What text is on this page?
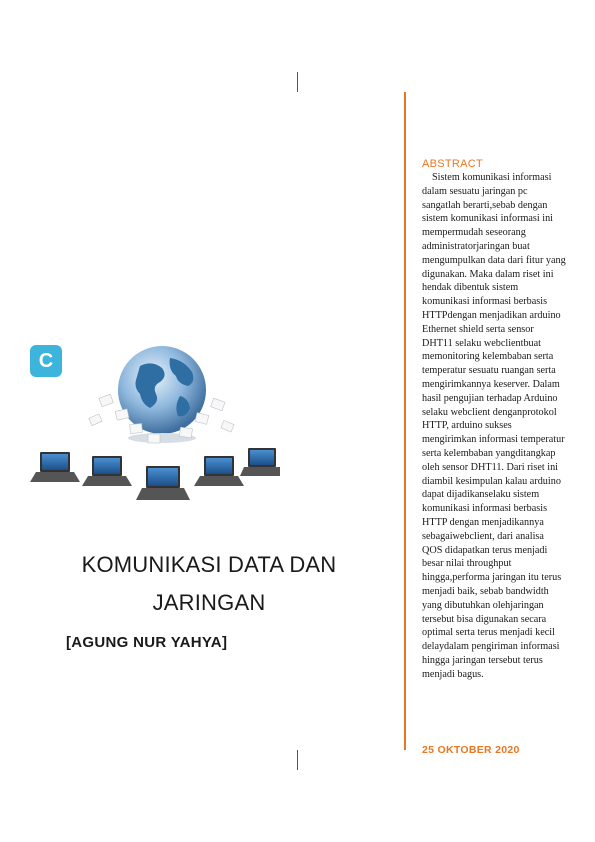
C
KOMUNIKASI DATA DAN
JARINGAN
[AGUNG NUR YAHYA]
ABSTRACT

Sistem komunikasi informasi dalam sesuatu jaringan pc sangatlah berarti,sebab dengan sistem komunikasi informasi ini mempermudah seseorang administratorjaringan buat mengumpulkan data dari fitur yang digunakan. Maka dalam riset ini hendak dibentuk sistem komunikasi informasi berbasis HTTPdengan menjadikan arduino Ethernet shield serta sensor DHT11 selaku webclientbuat memonitoring kelembaban serta temperatur sesuatu ruangan serta mengirimkannya keserver. Dalam hasil pengujian terhadap Arduino selaku webclient denganprotokol HTTP, arduino sukses mengirimkan informasi temperatur serta kelembaban yangditangkap oleh sensor DHT11. Dari riset ini diambil kesimpulan kalau arduino dapat dijadikanselaku sistem komunikasi informasi berbasis HTTP dengan menjadikannya sebagaiwebclient, dari analisa QOS didapatkan terus menjadi besar nilai throughput hingga,performa jaringan itu terus menjadi baik, sebab bandwidth yang dibutuhkan olehjaringan tersebut bisa digunakan secara optimal serta terus menjadi kecil delaydalam pengiriman informasi hingga jaringan tersebut terus menjadi bagus.

25 OKTOBER 2020
